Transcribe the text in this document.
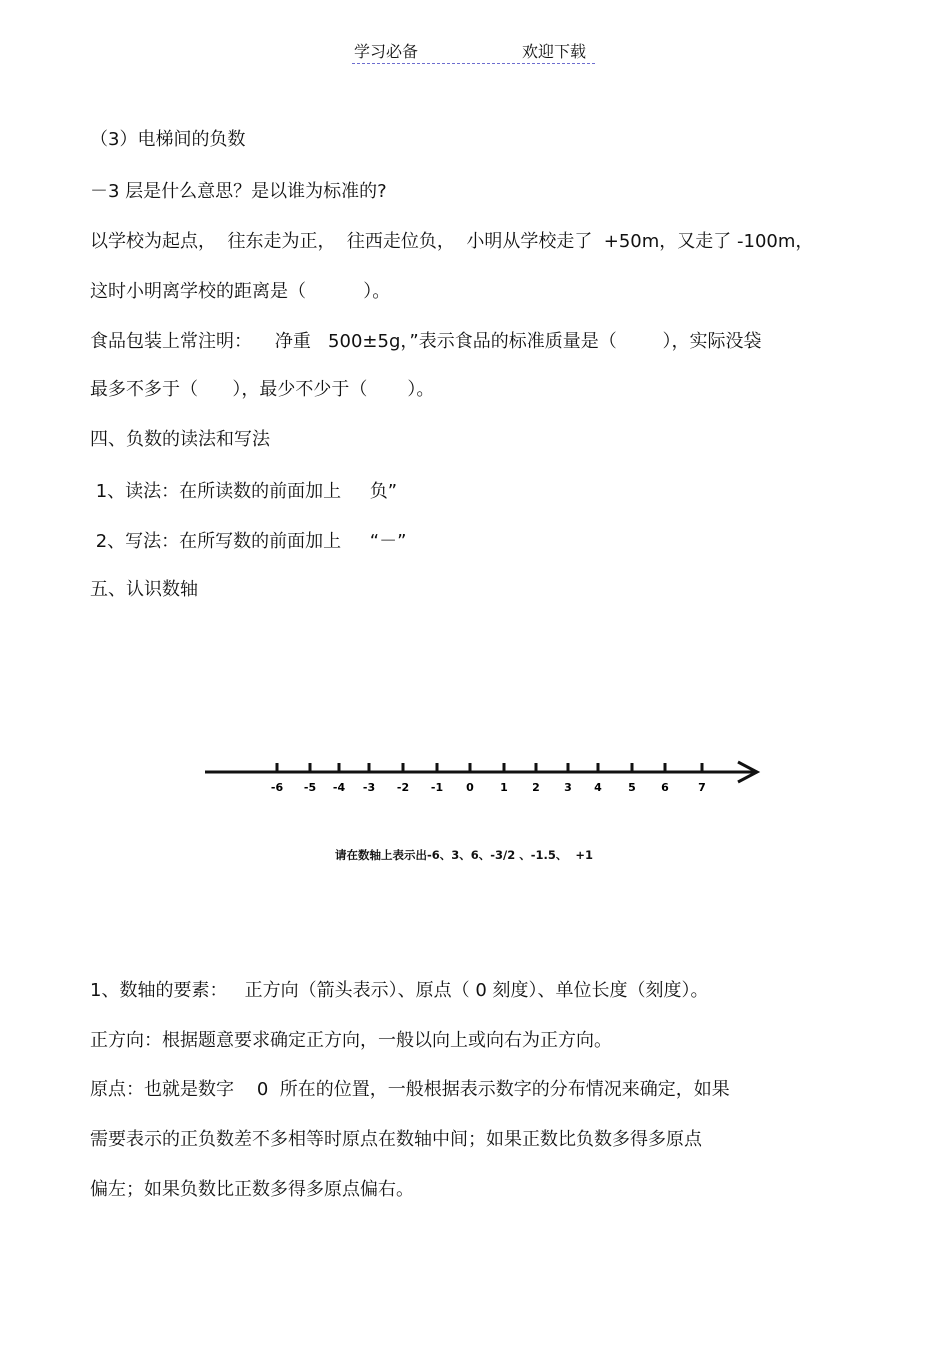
学习必备	欢迎下载
（3）电梯间的负数
－3 层是什么意思？是以谁为标准的?
以学校为起点，  往东走为正，  往西走位负，  小明从学校走了  +50m，又走了 -100m，
这时小明离学校的距离是（          ）。
食品包装上常注明：    净重   500±5g，”表示食品的标准质量是（        ），实际没袋
最多不多于（      ），最少不少于（       ）。
四、负数的读法和写法
1、读法：在所读数的前面加上     负”
2、写法：在所写数的前面加上     “－”
五、认识数轴
-6 -5 -4 -3 -2 -1 0 1 2 3 4 5 6	7
请在数轴上表示出-6、3、6、-3/2 、-1.5、  +1
1、数轴的要素：   正方向（箭头表示）、原点（ 0 刻度）、单位长度（刻度）。
正方向：根据题意要求确定正方向，一般以向上或向右为正方向。
原点：也就是数字    0  所在的位置，一般根据表示数字的分布情况来确定，如果
需要表示的正负数差不多相等时原点在数轴中间；如果正数比负数多得多原点
偏左；如果负数比正数多得多原点偏右。
